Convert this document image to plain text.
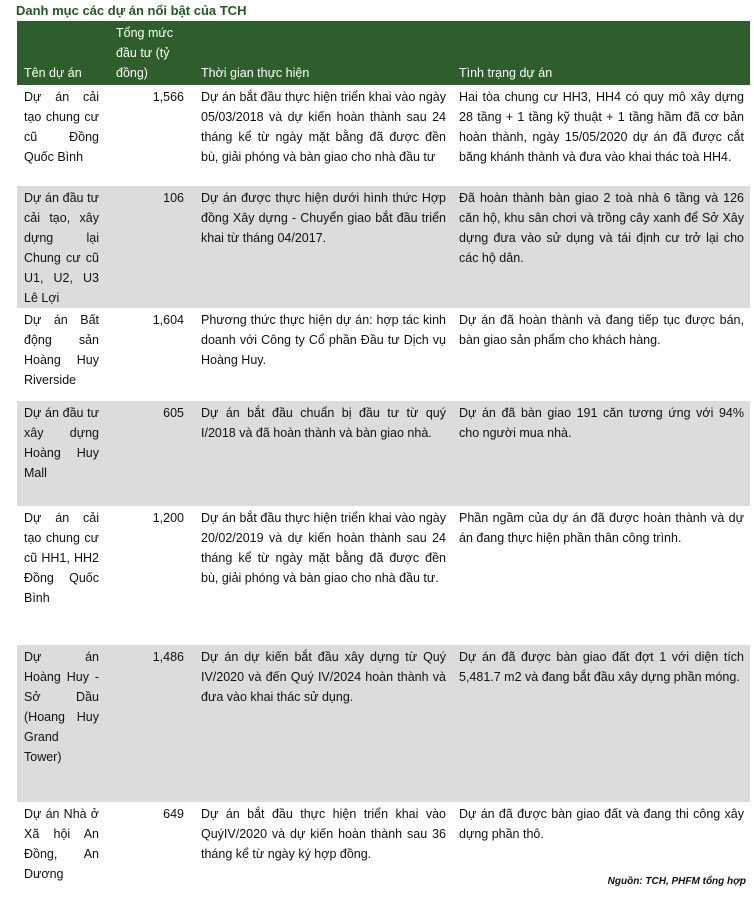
Danh mục các dự án nổi bật của TCH
Tên dự án	Tổng mức đầu tư (tỷ đồng)	Thời gian thực hiện	Tình trạng dự án
Dự án cải tạo chung cư cũ Đồng Quốc Bình	1,566	Dự án bắt đầu thực hiện triển khai vào ngày 05/03/2018 và dự kiến hoàn thành sau 24 tháng kể từ ngày mặt bằng đã được đền bù, giải phóng và bàn giao cho nhà đầu tư	Hai tòa chung cư HH3, HH4 có quy mô xây dựng 28 tầng + 1 tầng kỹ thuật + 1 tầng hầm đã cơ bản hoàn thành, ngày 15/05/2020 dự án đã được cắt băng khánh thành và đưa vào khai thác toà HH4.
Dự án đầu tư cải tạo, xây dựng lại Chung cư cũ U1, U2, U3 Lê Lợi	106	Dự án được thực hiện dưới hình thức Hợp đồng Xây dựng - Chuyển giao bắt đầu triển khai từ tháng 04/2017.	Đã hoàn thành bàn giao 2 toà nhà 6 tầng và 126 căn hộ, khu sân chơi và trồng cây xanh để Sở Xây dựng đưa vào sử dụng và tái định cư trở lại cho các hộ dân.
Dự án Bất động sản Hoàng Huy Riverside	1,604	Phương thức thực hiện dự án: hợp tác kinh doanh với Công ty Cổ phần Đầu tư Dịch vụ Hoàng Huy.	Dự án đã hoàn thành và đang tiếp tục được bán, bàn giao sản phẩm cho khách hàng.
Dự án đầu tư xây dựng Hoàng Huy Mall	605	Dự án bắt đầu chuẩn bị đầu tư từ quý I/2018 và đã hoàn thành và bàn giao nhà.	Dự án đã bàn giao 191 căn tương ứng với 94% cho người mua nhà.
Dự án cải tạo chung cư cũ HH1, HH2 Đồng Quốc Bình	1,200	Dự án bắt đầu thực hiện triển khai vào ngày 20/02/2019 và dự kiến hoàn thành sau 24 tháng kể từ ngày mặt bằng đã được đền bù, giải phóng và bàn giao cho nhà đầu tư.	Phần ngầm của dự án đã được hoàn thành và dự án đang thực hiện phần thân công trình.
Dự án Hoàng Huy - Sở Dầu (Hoang Huy Grand Tower)	1,486	Dự án dự kiến bắt đầu xây dựng từ Quý IV/2020 và đến Quý IV/2024 hoàn thành và đưa vào khai thác sử dụng.	Dự án đã được bàn giao đất đợt 1 với diện tích 5,481.7 m2 và đang bắt đầu xây dựng phần móng.
Dự án Nhà ở Xã hội An Đồng, An Dương	649	Dự án bắt đầu thực hiện triển khai vào QuýIV/2020 và dự kiến hoàn thành sau 36 tháng kể từ ngày ký hợp đồng.	Dự án đã được bàn giao đất và đang thi công xây dựng phần thô.
Nguồn: TCH, PHFM tổng hợp
